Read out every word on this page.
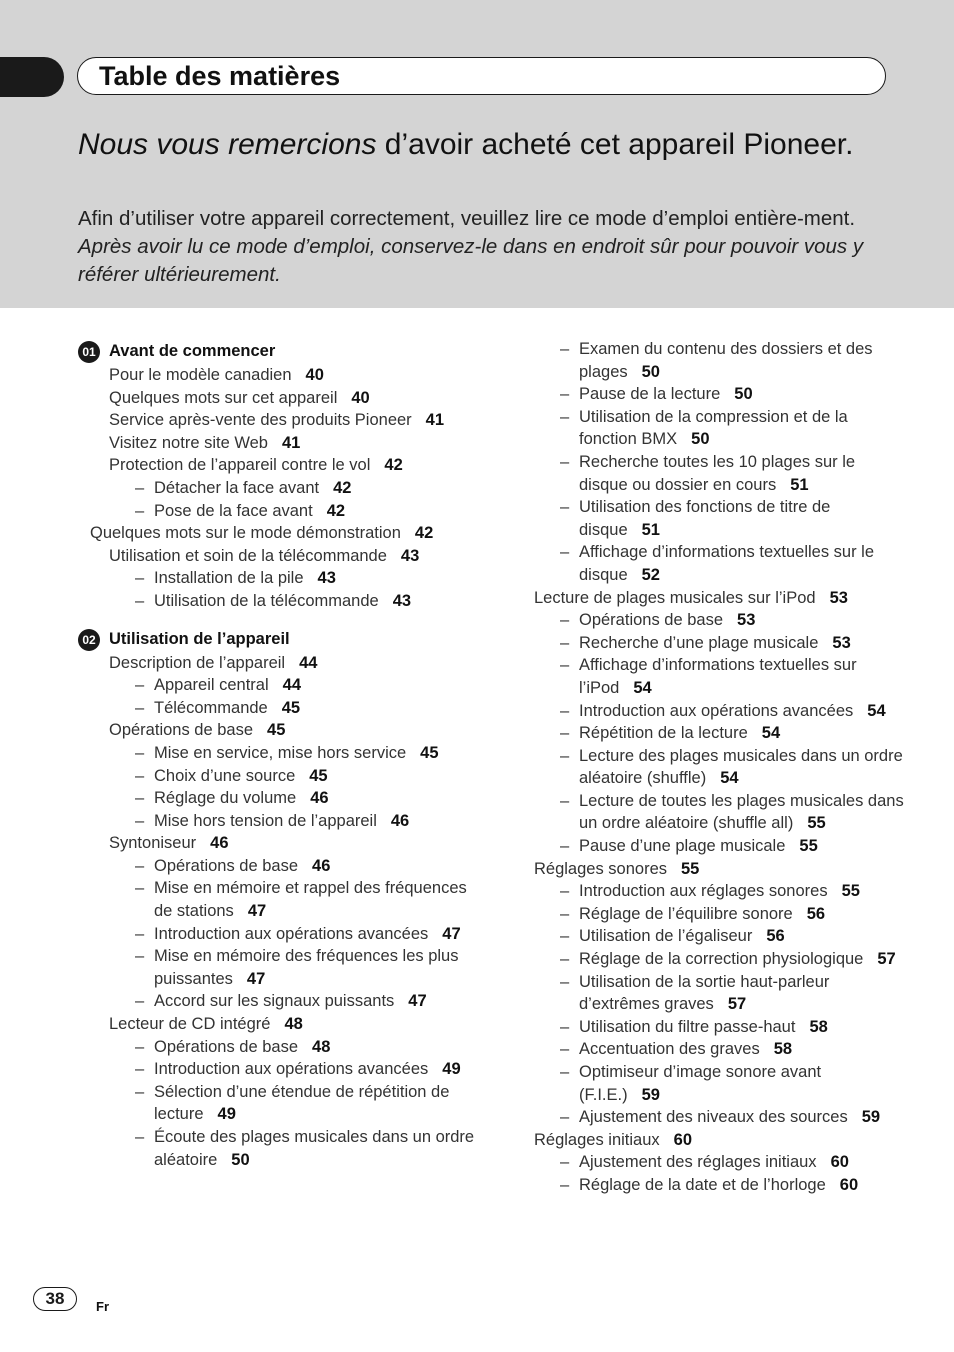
Table des matières
Nous vous remercions d’avoir acheté cet appareil Pioneer.

Afin d’utiliser votre appareil correctement, veuillez lire ce mode d’emploi entière-ment. Après avoir lu ce mode d’emploi, conservez-le dans en endroit sûr pour pouvoir vous y référer ultérieurement.

01 Avant de commencer
Pour le modèle canadien 40
Quelques mots sur cet appareil 40
Service après-vente des produits Pioneer 41
Visitez notre site Web 41
Protection de l’appareil contre le vol 42
– Détacher la face avant 42
– Pose de la face avant 42
Quelques mots sur le mode démonstration 42
Utilisation et soin de la télécommande 43
– Installation de la pile 43
– Utilisation de la télécommande 43
02 Utilisation de l’appareil
Description de l’appareil 44
– Appareil central 44
– Télécommande 45
Opérations de base 45
– Mise en service, mise hors service 45
– Choix d’une source 45
– Réglage du volume 46
– Mise hors tension de l’appareil 46
Syntoniseur 46
– Opérations de base 46
– Mise en mémoire et rappel des fréquences de stations 47
– Introduction aux opérations avancées 47
– Mise en mémoire des fréquences les plus puissantes 47
– Accord sur les signaux puissants 47
Lecteur de CD intégré 48
– Opérations de base 48
– Introduction aux opérations avancées 49
– Sélection d’une étendue de répétition de lecture 49
– Écoute des plages musicales dans un ordre aléatoire 50
– Examen du contenu des dossiers et des plages 50
– Pause de la lecture 50
– Utilisation de la compression et de la fonction BMX 50
– Recherche toutes les 10 plages sur le disque ou dossier en cours 51
– Utilisation des fonctions de titre de disque 51
– Affichage d’informations textuelles sur le disque 52
Lecture de plages musicales sur l’iPod 53
– Opérations de base 53
– Recherche d’une plage musicale 53
– Affichage d’informations textuelles sur l’iPod 54
– Introduction aux opérations avancées 54
– Répétition de la lecture 54
– Lecture des plages musicales dans un ordre aléatoire (shuffle) 54
– Lecture de toutes les plages musicales dans un ordre aléatoire (shuffle all) 55
– Pause d’une plage musicale 55
Réglages sonores 55
– Introduction aux réglages sonores 55
– Réglage de l’équilibre sonore 56
– Utilisation de l’égaliseur 56
– Réglage de la correction physiologique 57
– Utilisation de la sortie haut-parleur d’extrêmes graves 57
– Utilisation du filtre passe-haut 58
– Accentuation des graves 58
– Optimiseur d’image sonore avant (F.I.E.) 59
– Ajustement des niveaux des sources 59
Réglages initiaux 60
– Ajustement des réglages initiaux 60
– Réglage de la date et de l’horloge 60
38	Fr
